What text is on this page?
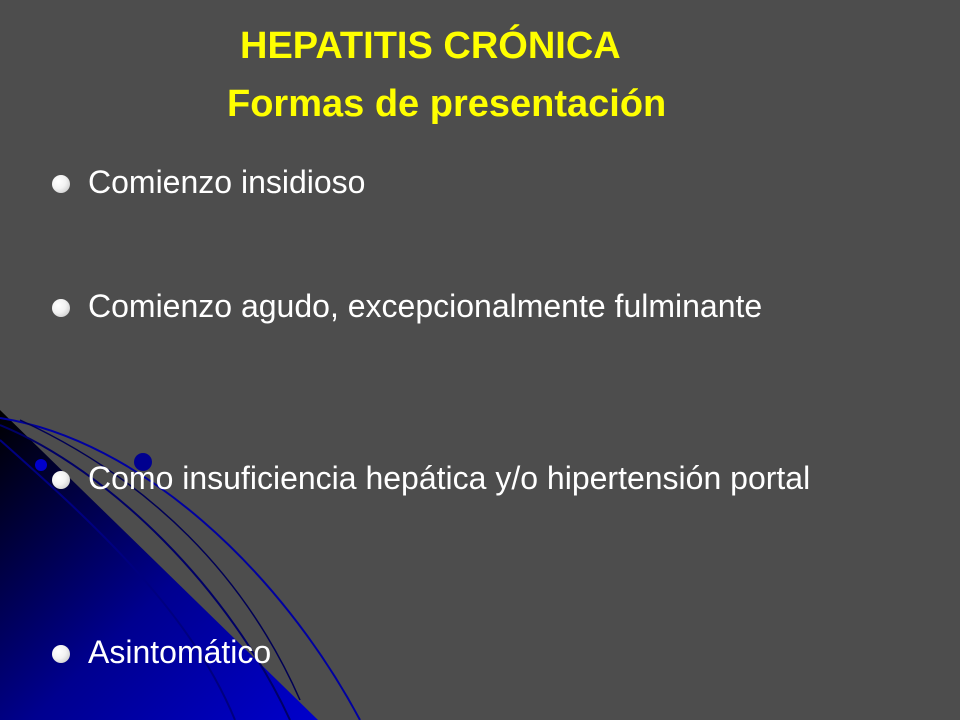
HEPATITIS CRÓNICA
Formas de presentación
Comienzo insidioso
Comienzo agudo, excepcionalmente fulminante
Como insuficiencia hepática y/o hipertensión portal
Asintomático
